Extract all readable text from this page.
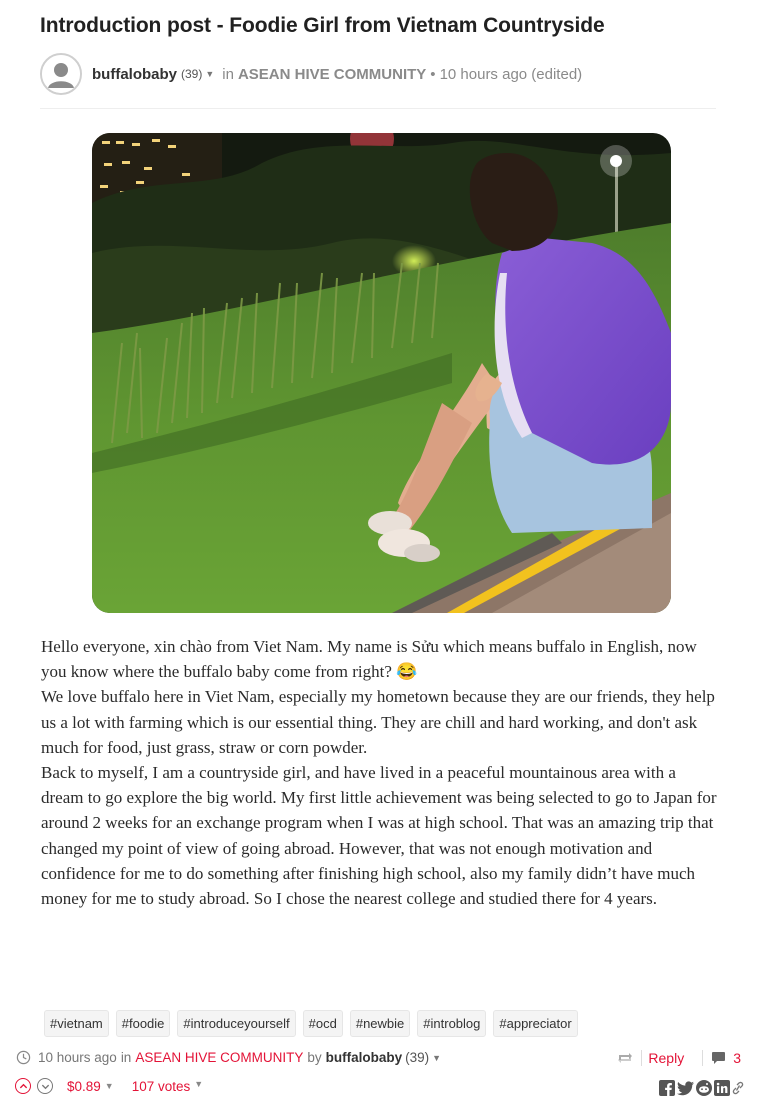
Introduction post - Foodie Girl from Vietnam Countryside
buffalobaby (39) ▼ in ASEAN HIVE COMMUNITY • 10 hours ago (edited)

Hello everyone, xin chào from Viet Nam. My name is Sửu which means buffalo in English, now you know where the buffalo baby come from right? 😂

We love buffalo here in Viet Nam, especially my hometown because they are our friends, they help us a lot with farming which is our essential thing. They are chill and hard working, and don't ask much for food, just grass, straw or corn powder.

Back to myself, I am a countryside girl, and have lived in a peaceful mountainous area with a dream to go explore the big world. My first little achievement was being selected to go to Japan for around 2 weeks for an exchange program when I was at high school. That was an amazing trip that changed my point of view of going abroad. However, that was not enough motivation and confidence for me to do something after finishing high school, also my family didn’t have much money for me to study abroad. So I chose the nearest college and studied there for 4 years.

#vietnam	#foodie	#introduceyourself	#ocd	#newbie	#introblog	#appreciator
10 hours ago in ASEAN HIVE COMMUNITY by buffalobaby (39) ▼	Reply	3
$0.89 ▼ 107 votes ▼
